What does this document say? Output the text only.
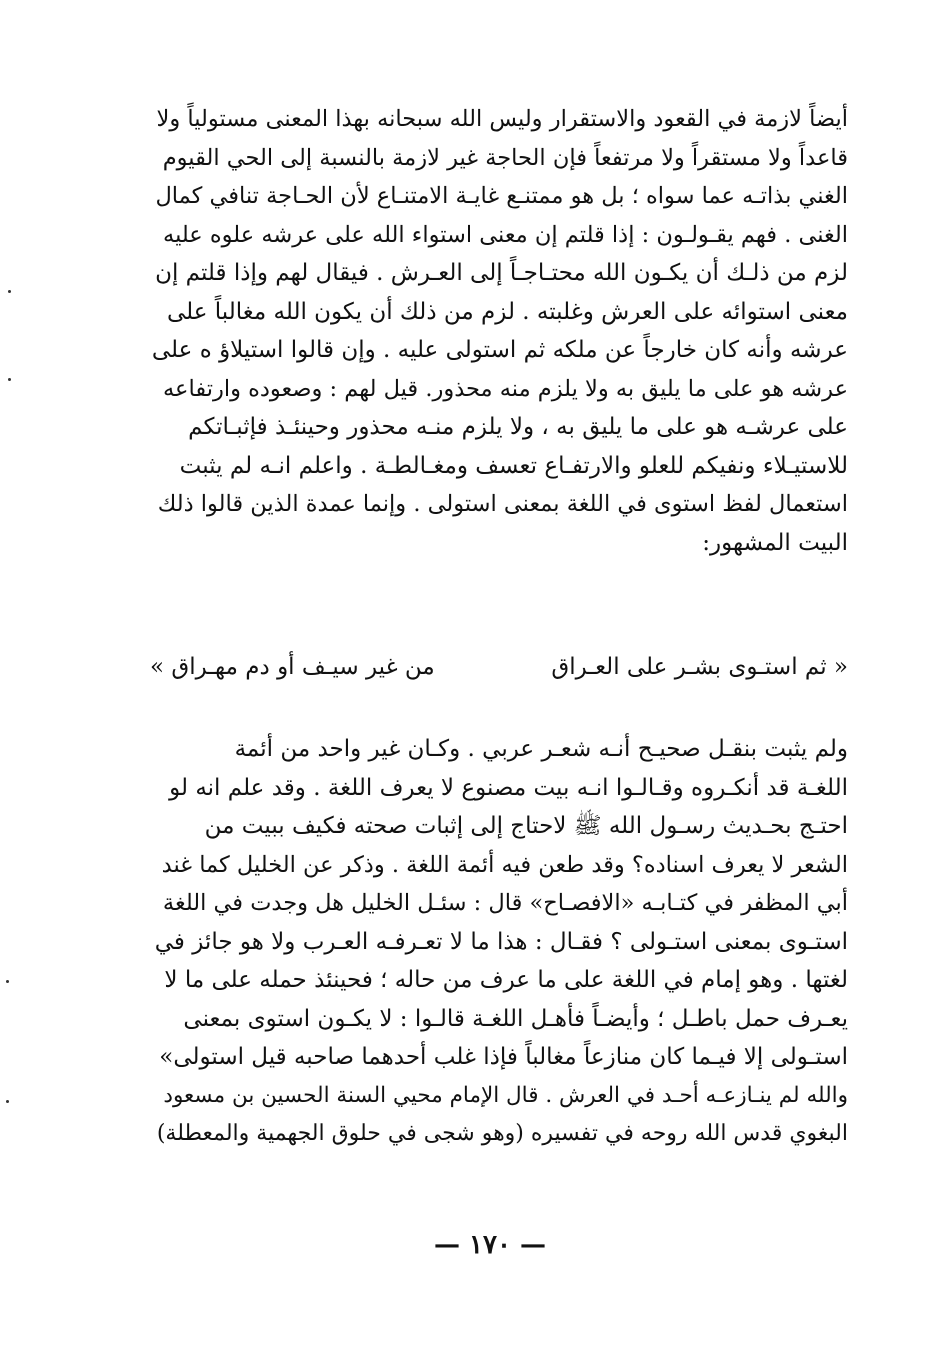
أيضاً لازمة في القعود والاستقرار وليس الله سبحانه بهذا المعنى مستولياً ولا
قاعداً ولا مستقراً ولا مرتفعاً فإن الحاجة غير لازمة بالنسبة إلى الحي القيوم
الغني بذاتـه عما سواه ؛ بل هو ممتنـع غايـة الامتنـاع لأن الحـاجة تنافي كمال
الغنى . فهم يقـولـون : إذا قلتم إن معنى استواء الله على عرشه علوه عليه
لزم من ذلـك أن يكـون الله محتـاجـاً إلى العـرش . فيقال لهم وإذا قلتم إن
معنى استوائه على العرش وغلبته . لزم من ذلك أن يكون الله مغالباً على
عرشه وأنه كان خارجاً عن ملكه ثم استولى عليه . وإن قالوا استيلاؤ ه على
عرشه هو على ما يليق به ولا يلزم منه محذور. قيل لهم : وصعوده وارتفاعه
على عرشـه هو على ما يليق به ، ولا يلزم منـه محذور وحينئـذ فإثبـاتكم
للاستيـلاء ونفيكم للعلو والارتفـاع تعسف ومغـالطـة . واعلم انـه لم يثبت
استعمال لفظ استوى في اللغة بمعنى استولى . وإنما عمدة الذين قالوا ذلك
البيت المشهور:
« ثم استـوى بشـر على العـراق
من غير سيـف أو دم مهـراق »
ولم يثبت بنقـل صحيـح أنـه شعـر عربي . وكـان غير واحد من أئمة
اللغـة قد أنكـروه وقـالـوا انـه بيت مصنوع لا يعرف اللغة . وقد علم انه لو
احتـج بحـديث رسـول الله ﷺ لاحتاج إلى إثبات صحته فكيف ببيت من
الشعر لا يعرف اسناده؟ وقد طعن فيه أئمة اللغة . وذكر عن الخليل كما غند
أبي المظفر في كتـابـه «الافصـاح» قال : سئـل الخليل هل وجدت في اللغة
استـوى بمعنى استـولى ؟ فقـال : هذا ما لا تعـرفـه العـرب ولا هو جائز في
لغتها . وهو إمام في اللغة على ما عرف من حاله ؛ فحينئذ حمله على ما لا
يعـرف حمل باطـل ؛ وأيضـاً فأهـل اللغـة قالـوا : لا يكـون استوى بمعنى
استـولى إلا فيـما كان منازعاً مغالباً فإذا غلب أحدهما صاحبه قيل استولى»
والله لم ينـازعـه أحـد في العرش . قال الإمام محيي السنة الحسين بن مسعود
البغوي قدس الله روحه في تفسيره (وهو شجى في حلوق الجهمية والمعطلة)
— ١٧٠ —
